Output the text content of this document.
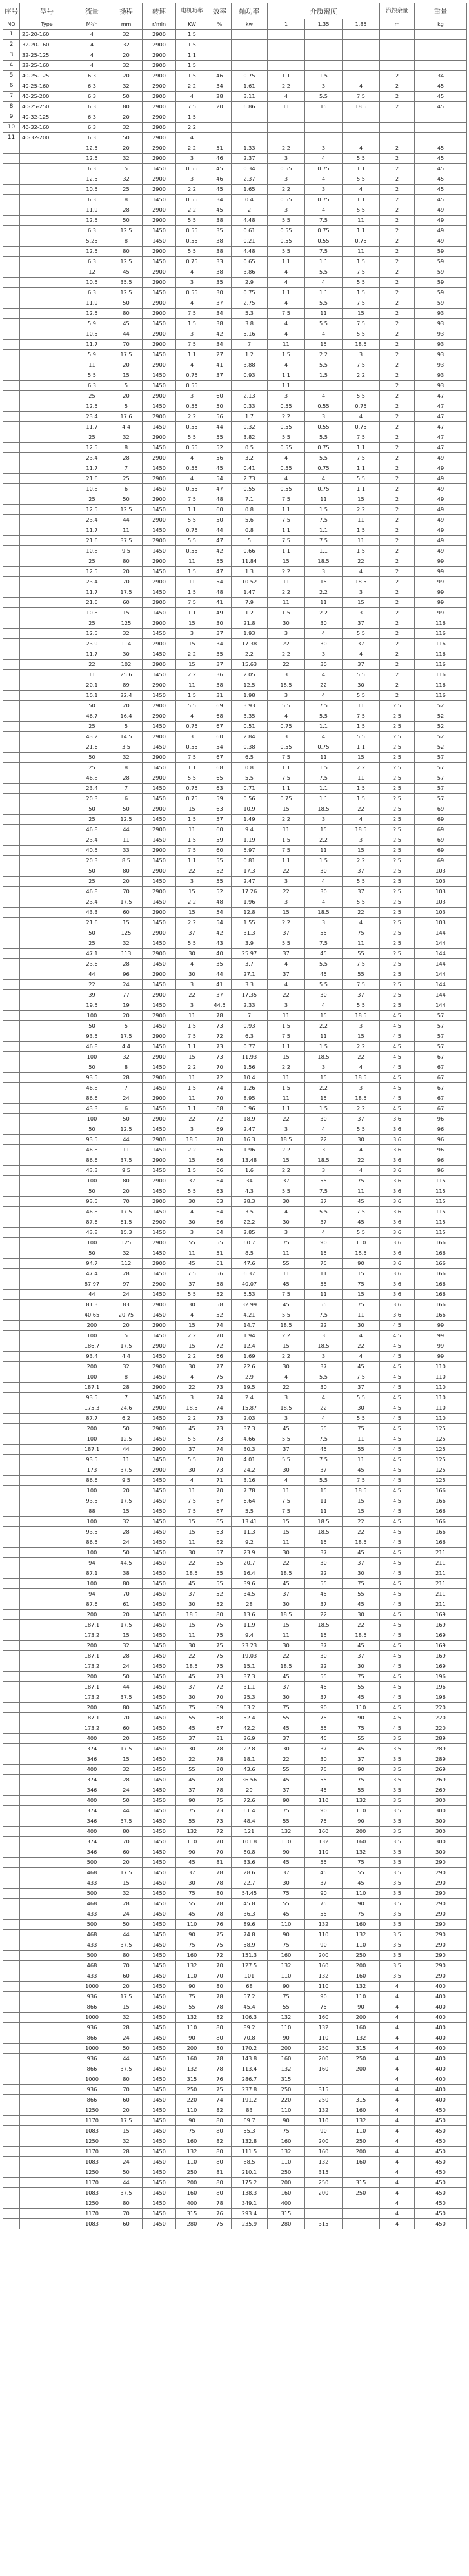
序号	型号	流量	扬程	转速	电机功率	效率	轴功率	介质密度			汽蚀余量	重量
NO	Type	M³/h	mm	r/min	KW	%	kw	1	1.35	1.85	m	kg
1	25-20-160	4	32	2900	1.5							
2	32-20-160	4	32	2900	1.5							
3	32-25-125	4	20	2900	1.1							
4	32-25-160	4	32	2900	1.5							
5	40-25-125	6.3	20	2900	1.5	46	0.75	1.1	1.5		2	34
6	40-25-160	6.3	32	2900	2.2	34	1.61	2.2	3	4	2	45
7	40-25-200	6.3	50	2900	4	28	3.11	4	5.5	7.5	2	45
8	40-25-250	6.3	80	2900	7.5	20	6.86	11	15	18.5	2	45
9	40-32-125	6.3	20	2900	1.5							
10	40-32-160	6.3	32	2900	2.2							
11	40-32-200	6.3	50	2900	4							
		12.5	20	2900	2.2	51	1.33	2.2	3	4	2	45
		12.5	32	2900	3	46	2.37	3	4	5.5	2	45
		6.3	5	1450	0.55	45	0.34	0.55	0.75	1.1	2	45
		12.5	32	2900	3	46	2.37	3	4	5.5	2	45
		10.5	25	2900	2.2	45	1.65	2.2	3	4	2	45
		6.3	8	1450	0.55	34	0.4	0.55	0.75	1.1	2	45
		11.9	28	2900	2.2	45	2	3	4	5.5	2	49
		12.5	50	2900	5.5	38	4.48	5.5	7.5	11	2	49
		6.3	12.5	1450	0.55	35	0.61	0.55	0.75	1.1	2	49
		5.25	8	1450	0.55	38	0.21	0.55	0.55	0.75	2	49
		12.5	80	2900	5.5	38	4.48	5.5	7.5	11	2	59
		6.3	12.5	1450	0.75	33	0.65	1.1	1.1	1.5	2	59
		12	45	2900	4	38	3.86	4	5.5	7.5	2	59
		10.5	35.5	2900	3	35	2.9	4	4	5.5	2	59
		6.3	12.5	1450	0.55	30	0.75	1.1	1.1	1.5	2	59
		11.9	50	2900	4	37	2.75	4	5.5	7.5	2	59
		12.5	80	2900	7.5	34	5.3	7.5	11	15	2	93
		5.9	45	1450	1.5	38	3.8	4	5.5	7.5	2	93
		10.5	44	2900	3	42	5.16	4	4	5.5	2	93
		11.7	70	2900	7.5	34	7	11	15	18.5	2	93
		5.9	17.5	1450	1.1	27	1.2	1.5	2.2	3	2	93
		11	20	2900	4	41	3.88	4	5.5	7.5	2	93
		5.5	15	1450	0.75	37	0.93	1.1	1.5	2.2	2	93
		6.3	5	1450	0.55			1.1			2	93
		25	20	2900	3	60	2.13	3	4	5.5	2	47
		12.5	5	1450	0.55	50	0.33	0.55	0.55	0.75	2	47
		23.4	17.6	2900	2.2	56	1.7	2.2	3	4	2	47
		11.7	4.4	1450	0.55	44	0.32	0.55	0.55	0.75	2	47
		25	32	2900	5.5	55	3.82	5.5	5.5	7.5	2	47
		12.5	8	1450	0.55	52	0.5	0.55	0.75	1.1	2	47
		23.4	28	2900	4	56	3.2	4	5.5	7.5	2	49
		11.7	7	1450	0.55	45	0.41	0.55	0.75	1.1	2	49
		21.6	25	2900	4	54	2.73	4	4	5.5	2	49
		10.8	6	1450	0.55	47	0.55	0.55	0.75	1.1	2	49
		25	50	2900	7.5	48	7.1	7.5	11	15	2	49
		12.5	12.5	1450	1.1	60	0.8	1.1	1.5	2.2	2	49
		23.4	44	2900	5.5	50	5.6	7.5	7.5	11	2	49
		11.7	11	1450	0.75	44	0.8	1.1	1.1	1.5	2	49
		21.6	37.5	2900	5.5	47	5	7.5	7.5	11	2	49
		10.8	9.5	1450	0.55	42	0.66	1.1	1.1	1.5	2	49
		25	80	2900	11	55	11.84	15	18.5	22	2	99
		12.5	20	1450	1.5	47	1.3	2.2	3	4	2	99
		23.4	70	2900	11	54	10.52	11	15	18.5	2	99
		11.7	17.5	1450	1.5	48	1.47	2.2	2.2	3	2	99
		21.6	60	2900	7.5	41	7.9	11	11	15	2	99
		10.8	15	1450	1.1	49	1.2	1.5	2.2	3	2	99
		25	125	2900	15	30	21.8	30	30	37	2	116
		12.5	32	1450	3	37	1.93	3	4	5.5	2	116
		23.9	114	2900	15	34	17.38	22	30	37	2	116
		11.7	30	1450	2.2	35	2.2	2.2	3	4	2	116
		22	102	2900	15	37	15.63	22	30	37	2	116
		11	25.6	1450	2.2	36	2.05	3	4	5.5	2	116
		20.1	89	2900	11	38	12.5	18.5	22	30	2	116
		10.1	22.4	1450	1.5	31	1.98	3	4	5.5	2	116
		50	20	2900	5.5	69	3.93	5.5	7.5	11	2.5	52
		46.7	16.4	2900	4	68	3.35	4	5.5	7.5	2.5	52
		25	5	1450	0.75	67	0.51	0.75	1.1	1.5	2.5	52
		43.2	14.5	2900	3	60	2.84	3	4	5.5	2.5	52
		21.6	3.5	1450	0.55	54	0.38	0.55	0.75	1.1	2.5	52
		50	32	2900	7.5	67	6.5	7.5	11	15	2.5	57
		25	8	1450	1.1	68	0.8	1.1	1.5	2.2	2.5	57
		46.8	28	2900	5.5	65	5.5	7.5	7.5	11	2.5	57
		23.4	7	1450	0.75	63	0.71	1.1	1.1	1.5	2.5	57
		20.3	6	1450	0.75	59	0.56	0.75	1.1	1.5	2.5	57
		50	50	2900	15	63	10.9	15	18.5	22	2.5	69
		25	12.5	1450	1.5	57	1.49	2.2	3	4	2.5	69
		46.8	44	2900	11	60	9.4	11	15	18.5	2.5	69
		23.4	11	1450	1.5	59	1.19	1.5	2.2	3	2.5	69
		40.5	33	2900	7.5	60	5.97	7.5	11	15	2.5	69
		20.3	8.5	1450	1.1	55	0.81	1.1	1.5	2.2	2.5	69
		50	80	2900	22	52	17.3	22	30	37	2.5	103
		25	20	1450	3	55	2.47	3	4	5.5	2.5	103
		46.8	70	2900	15	52	17.26	22	30	37	2.5	103
		23.4	17.5	1450	2.2	48	1.96	3	4	5.5	2.5	103
		43.3	60	2900	15	54	12.8	15	18.5	22	2.5	103
		21.6	15	1450	2.2	54	1.55	2.2	3	4	2.5	103
		50	125	2900	37	42	31.3	37	55	75	2.5	144
		25	32	1450	5.5	43	3.9	5.5	7.5	11	2.5	144
		47.1	113	2900	30	40	25.97	37	45	55	2.5	144
		23.6	28	1450	4	35	3.7	4	5.5	7.5	2.5	144
		44	96	2900	30	44	27.1	37	45	55	2.5	144
		22	24	1450	3	41	3.3	4	5.5	7.5	2.5	144
		39	77	2900	22	37	17.35	22	30	37	2.5	144
		19.5	19	1450	3	44.5	2.33	3	4	5.5	2.5	144
		100	20	2900	11	78	7	11	15	18.5	4.5	57
		50	5	1450	1.5	73	0.93	1.5	2.2	3	4.5	57
		93.5	17.5	2900	7.5	72	6.3	7.5	11	15	4.5	57
		46.8	4.4	1450	1.1	73	0.77	1.1	1.5	2.2	4.5	57
		100	32	2900	15	73	11.93	15	18.5	22	4.5	67
		50	8	1450	2.2	70	1.56	2.2	3	4	4.5	67
		93.5	28	2900	11	72	10.4	11	15	18.5	4.5	67
		46.8	7	1450	1.5	74	1.26	1.5	2.2	3	4.5	67
		86.6	24	2900	11	70	8.95	11	15	18.5	4.5	67
		43.3	6	1450	1.1	68	0.96	1.1	1.5	2.2	4.5	67
		100	50	2900	22	72	18.9	22	30	37	3.6	96
		50	12.5	1450	3	69	2.47	3	4	5.5	3.6	96
		93.5	44	2900	18.5	70	16.3	18.5	22	30	3.6	96
		46.8	11	1450	2.2	66	1.96	2.2	3	4	3.6	96
		86.6	37.5	2900	15	66	13.48	15	18.5	22	3.6	96
		43.3	9.5	1450	1.5	66	1.6	2.2	3	4	3.6	96
		100	80	2900	37	64	34	37	55	75	3.6	115
		50	20	1450	5.5	63	4.3	5.5	7.5	11	3.6	115
		93.5	70	2900	30	63	28.3	30	37	45	3.6	115
		46.8	17.5	1450	4	64	3.5	4	5.5	7.5	3.6	115
		87.6	61.5	2900	30	66	22.2	30	37	45	3.6	115
		43.8	15.3	1450	3	64	2.85	3	4	5.5	3.6	115
		100	125	2900	55	55	60.7	75	90	110	3.6	166
		50	32	1450	11	51	8.5	11	15	18.5	3.6	166
		94.7	112	2900	45	61	47.6	55	75	90	3.6	166
		47.4	28	1450	7.5	56	6.37	11	11	15	3.6	166
		87.97	97	2900	37	58	40.07	45	55	75	3.6	166
		44	24	1450	5.5	52	5.53	7.5	11	15	3.6	166
		81.3	83	2900	30	58	32.99	45	55	75	3.6	166
		40.65	20.75	1450	4	52	4.21	5.5	7.5	11	3.6	166
		200	20	2900	15	74	14.7	18.5	22	30	4.5	99
		100	5	1450	2.2	70	1.94	2.2	3	4	4.5	99
		186.7	17.5	2900	15	72	12.4	15	18.5	22	4.5	99
		93.4	4.4	1450	2.2	66	1.69	2.2	3	4	4.5	99
		200	32	2900	30	77	22.6	30	37	45	4.5	110
		100	8	1450	4	75	2.9	4	5.5	7.5	4.5	110
		187.1	28	2900	22	73	19.5	22	30	37	4.5	110
		93.5	7	1450	3	74	2.4	3	4	5.5	4.5	110
		175.3	24.6	2900	18.5	74	15.87	18.5	22	30	4.5	110
		87.7	6.2	1450	2.2	73	2.03	3	4	5.5	4.5	110
		200	50	2900	45	73	37.3	45	55	75	4.5	125
		100	12.5	1450	5.5	73	4.66	5.5	7.5	11	4.5	125
		187.1	44	2900	37	74	30.3	37	45	55	4.5	125
		93.5	11	1450	5.5	70	4.01	5.5	7.5	11	4.5	125
		173	37.5	2900	30	73	24.2	30	37	45	4.5	125
		86.6	9.5	1450	4	71	3.16	4	5.5	7.5	4.5	125
		100	20	1450	11	70	7.78	11	15	18.5	4.5	166
		93.5	17.5	1450	7.5	67	6.64	7.5	11	15	4.5	166
		88	15	1450	7.5	67	5.5	7.5	11	15	4.5	166
		100	32	1450	15	65	13.41	15	18.5	22	4.5	166
		93.5	28	1450	15	63	11.3	15	18.5	22	4.5	166
		86.5	24	1450	11	62	9.2	11	15	18.5	4.5	166
		100	50	1450	30	57	23.9	30	37	45	4.5	211
		94	44.5	1450	22	55	20.7	22	30	37	4.5	211
		87.1	38	1450	18.5	55	16.4	18.5	22	30	4.5	211
		100	80	1450	45	55	39.6	45	55	75	4.5	211
		94	70	1450	37	52	34.5	37	45	55	4.5	211
		87.6	61	1450	30	52	28	30	37	45	4.5	211
		200	20	1450	18.5	80	13.6	18.5	22	30	4.5	169
		187.1	17.5	1450	15	75	11.9	15	18.5	22	4.5	169
		173.2	15	1450	11	75	9.4	11	15	18.5	4.5	169
		200	32	1450	30	75	23.23	30	37	45	4.5	169
		187.1	28	1450	22	75	19.03	22	30	37	4.5	169
		173.2	24	1450	18.5	75	15.1	18.5	22	30	4.5	169
		200	50	1450	45	73	37.3	45	55	75	4.5	196
		187.1	44	1450	37	72	31.1	37	45	55	4.5	196
		173.2	37.5	1450	30	70	25.3	30	37	45	4.5	196
		200	80	1450	75	69	63.2	75	90	110	4.5	220
		187.1	70	1450	55	68	52.4	55	75	90	4.5	220
		173.2	60	1450	45	67	42.2	45	55	75	4.5	220
		400	20	1450	37	81	26.9	37	45	55	3.5	289
		374	17.5	1450	30	78	22.8	30	37	45	3.5	289
		346	15	1450	22	78	18.1	22	30	37	3.5	289
		400	32	1450	55	80	43.6	55	75	90	3.5	269
		374	28	1450	45	78	36.56	45	55	75	3.5	269
		346	24	1450	37	78	29	37	45	55	3.5	269
		400	50	1450	90	75	72.6	90	110	132	3.5	300
		374	44	1450	75	73	61.4	75	90	110	3.5	300
		346	37.5	1450	55	73	48.4	55	75	90	3.5	300
		400	80	1450	132	72	121	132	160	200	3.5	300
		374	70	1450	110	70	101.8	110	132	160	3.5	300
		346	60	1450	90	70	80.8	90	110	132	3.5	300
		500	20	1450	45	81	33.6	45	55	75	3.5	290
		468	17.5	1450	37	78	28.6	37	45	55	3.5	290
		433	15	1450	30	78	22.7	30	37	45	3.5	290
		500	32	1450	75	80	54.45	75	90	110	3.5	290
		468	28	1450	55	78	45.8	55	75	90	3.5	290
		433	24	1450	45	78	36.3	45	55	75	3.5	290
		500	50	1450	110	76	89.6	110	132	160	3.5	290
		468	44	1450	90	75	74.8	90	110	132	3.5	290
		433	37.5	1450	75	75	58.9	75	90	110	3.5	290
		500	80	1450	160	72	151.3	160	200	250	3.5	290
		468	70	1450	132	70	127.5	132	160	200	3.5	290
		433	60	1450	110	70	101	110	132	160	3.5	290
		1000	20	1450	90	80	68	90	110	132	4	400
		936	17.5	1450	75	78	57.2	75	90	110	4	400
		866	15	1450	55	78	45.4	55	75	90	4	400
		1000	32	1450	132	82	106.3	132	160	200	4	400
		936	28	1450	110	80	89.2	110	132	160	4	400
		866	24	1450	90	80	70.8	90	110	132	4	400
		1000	50	1450	200	80	170.2	200	250	315	4	400
		936	44	1450	160	78	143.8	160	200	250	4	400
		866	37.5	1450	132	78	113.4	132	160	200	4	400
		1000	80	1450	315	76	286.7	315			4	400
		936	70	1450	250	75	237.8	250	315		4	400
		866	60	1450	220	74	191.2	220	250	315	4	400
		1250	20	1450	110	82	83	110	132	160	4	450
		1170	17.5	1450	90	80	69.7	90	110	132	4	450
		1083	15	1450	75	80	55.3	75	90	110	4	450
		1250	32	1450	160	82	132.8	160	200	250	4	450
		1170	28	1450	132	80	111.5	132	160	200	4	450
		1083	24	1450	110	80	88.5	110	132	160	4	450
		1250	50	1450	250	81	210.1	250	315		4	450
		1170	44	1450	200	80	175.2	200	250	315	4	450
		1083	37.5	1450	160	80	138.3	160	200	250	4	450
		1250	80	1450	400	78	349.1	400			4	450
		1170	70	1450	315	76	293.4	315			4	450
		1083	60	1450	280	75	235.9	280	315		4	450
